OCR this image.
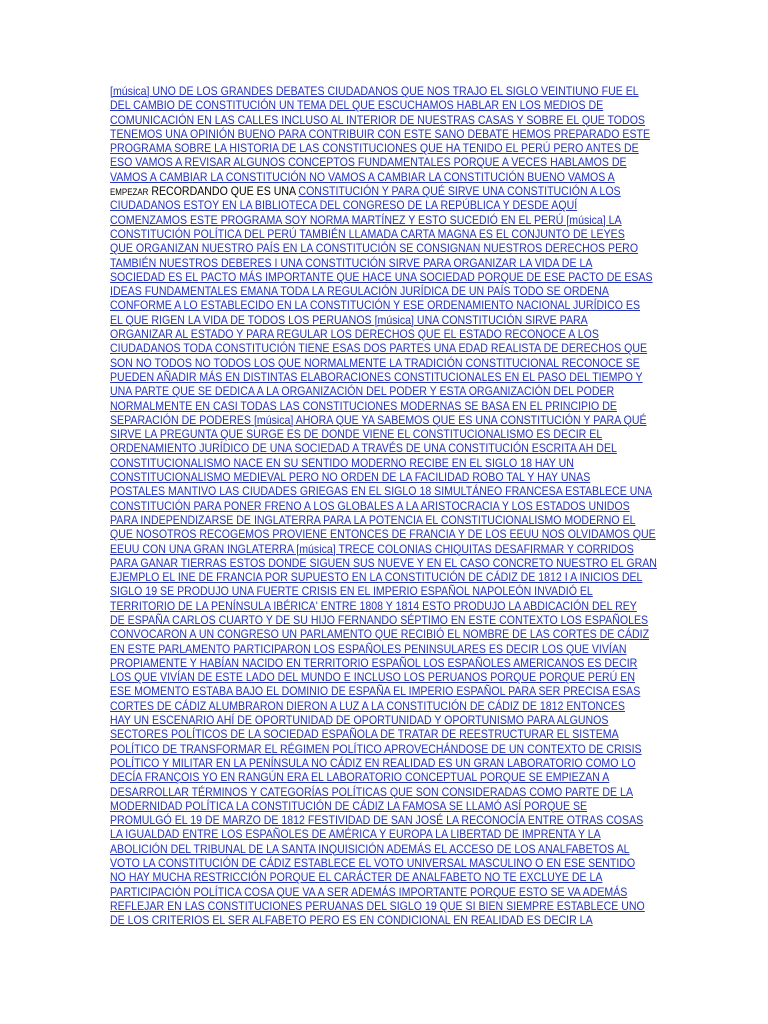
[música] UNO DE LOS GRANDES DEBATES CIUDADANOS QUE NOS TRAJO EL SIGLO VEINTIUNO FUE EL
DEL CAMBIO DE CONSTITUCIÓN UN TEMA DEL QUE ESCUCHAMOS HABLAR EN LOS MEDIOS DE
COMUNICACIÓN EN LAS CALLES INCLUSO AL INTERIOR DE NUESTRAS CASAS Y SOBRE EL QUE TODOS
TENEMOS UNA OPINIÓN BUENO PARA CONTRIBUIR CON ESTE SANO DEBATE HEMOS PREPARADO ESTE
PROGRAMA SOBRE LA HISTORIA DE LAS CONSTITUCIONES QUE HA TENIDO EL PERÚ PERO ANTES DE
ESO VAMOS A REVISAR ALGUNOS CONCEPTOS FUNDAMENTALES PORQUE A VECES HABLAMOS DE
VAMOS A CAMBIAR LA CONSTITUCIÓN NO VAMOS A CAMBIAR LA CONSTITUCIÓN BUENO VAMOS A
EMPEZAR RECORDANDO QUE ES UNA CONSTITUCIÓN Y PARA QUÉ SIRVE UNA CONSTITUCIÓN A LOS
CIUDADANOS ESTOY EN LA BIBLIOTECA DEL CONGRESO DE LA REPÚBLICA Y DESDE AQUÍ
COMENZAMOS ESTE PROGRAMA SOY NORMA MARTÍNEZ Y ESTO SUCEDIÓ EN EL PERÚ [música] LA
CONSTITUCIÓN POLÍTICA DEL PERÚ TAMBIÉN LLAMADA CARTA MAGNA ES EL CONJUNTO DE LEYES
QUE ORGANIZAN NUESTRO PAÍS EN LA CONSTITUCIÓN SE CONSIGNAN NUESTROS DERECHOS PERO
TAMBIÉN NUESTROS DEBERES I UNA CONSTITUCIÓN SIRVE PARA ORGANIZAR LA VIDA DE LA
SOCIEDAD ES EL PACTO MÁS IMPORTANTE QUE HACE UNA SOCIEDAD PORQUE DE ESE PACTO DE ESAS
IDEAS FUNDAMENTALES EMANA TODA LA REGULACIÓN JURÍDICA DE UN PAÍS TODO SE ORDENA
CONFORME A LO ESTABLECIDO EN LA CONSTITUCIÓN Y ESE ORDENAMIENTO NACIONAL JURÍDICO ES
EL QUE RIGEN LA VIDA DE TODOS LOS PERUANOS [música] UNA CONSTITUCIÓN SIRVE PARA
ORGANIZAR AL ESTADO Y PARA REGULAR LOS DERECHOS QUE EL ESTADO RECONOCE A LOS
CIUDADANOS TODA CONSTITUCIÓN TIENE ESAS DOS PARTES UNA EDAD REALISTA DE DERECHOS QUE
SON NO TODOS NO TODOS LOS QUE NORMALMENTE LA TRADICIÓN CONSTITUCIONAL RECONOCE SE
PUEDEN AÑADIR MÁS EN DISTINTAS ELABORACIONES CONSTITUCIONALES EN EL PASO DEL TIEMPO Y
UNA PARTE QUE SE DEDICA A LA ORGANIZACIÓN DEL PODER Y ESTA ORGANIZACIÓN DEL PODER
NORMALMENTE EN CASI TODAS LAS CONSTITUCIONES MODERNAS SE BASA EN EL PRINCIPIO DE
SEPARACIÓN DE PODERES [música] AHORA QUE YA SABEMOS QUE ES UNA CONSTITUCIÓN Y PARA QUÉ
SIRVE LA PREGUNTA QUE SURGE ES DE DONDE VIENE EL CONSTITUCIONALISMO ES DECIR EL
ORDENAMIENTO JURÍDICO DE UNA SOCIEDAD A TRAVÉS DE UNA CONSTITUCIÓN ESCRITA AH DEL
CONSTITUCIONALISMO NACE EN SU SENTIDO MODERNO RECIBE EN EL SIGLO 18 HAY UN
CONSTITUCIONALISMO MEDIEVAL PERO NO ORDEN DE LA FACILIDAD ROBO TAL Y HAY UNAS
POSTALES MANTIVO LAS CIUDADES GRIEGAS EN EL SIGLO 18 SIMULTÁNEO FRANCESA ESTABLECE UNA
CONSTITUCIÓN PARA PONER FRENO A LOS GLOBALES A LA ARISTOCRACIA Y LOS ESTADOS UNIDOS
PARA INDEPENDIZARSE DE INGLATERRA PARA LA POTENCIA EL CONSTITUCIONALISMO MODERNO EL
QUE NOSOTROS RECOGEMOS PROVIENE ENTONCES DE FRANCIA Y DE LOS EEUU NOS OLVIDAMOS QUE
EEUU CON UNA GRAN INGLATERRA [música] TRECE COLONIAS CHIQUITAS DESAFIRMAR Y CORRIDOS
PARA GANAR TIERRAS ESTOS DONDE SIGUEN SUS NUEVE Y EN EL CASO CONCRETO NUESTRO EL GRAN
EJEMPLO EL INE DE FRANCIA POR SUPUESTO EN LA CONSTITUCIÓN DE CÁDIZ DE 1812 I A INICIOS DEL
SIGLO 19 SE PRODUJO UNA FUERTE CRISIS EN EL IMPERIO ESPAÑOL NAPOLEÓN INVADIÓ EL
TERRITORIO DE LA PENÍNSULA IBÉRICA' ENTRE 1808 Y 1814 ESTO PRODUJO LA ABDICACIÓN DEL REY
DE ESPAÑA CARLOS CUARTO Y DE SU HIJO FERNANDO SÉPTIMO EN ESTE CONTEXTO LOS ESPAÑOLES
CONVOCARON A UN CONGRESO UN PARLAMENTO QUE RECIBIÓ EL NOMBRE DE LAS CORTES DE CÁDIZ
EN ESTE PARLAMENTO PARTICIPARON LOS ESPAÑOLES PENINSULARES ES DECIR LOS QUE VIVÍAN
PROPIAMENTE Y HABÍAN NACIDO EN TERRITORIO ESPAÑOL LOS ESPAÑOLES AMERICANOS ES DECIR
LOS QUE VIVÍAN DE ESTE LADO DEL MUNDO E INCLUSO LOS PERUANOS PORQUE PORQUE PERÚ EN
ESE MOMENTO ESTABA BAJO EL DOMINIO DE ESPAÑA EL IMPERIO ESPAÑOL PARA SER PRECISA ESAS
CORTES DE CÁDIZ ALUMBRARON DIERON A LUZ A LA CONSTITUCIÓN DE CÁDIZ DE 1812 ENTONCES
HAY UN ESCENARIO AHÍ DE OPORTUNIDAD DE OPORTUNIDAD Y OPORTUNISMO PARA ALGUNOS
SECTORES POLÍTICOS DE LA SOCIEDAD ESPAÑOLA DE TRATAR DE REESTRUCTURAR EL SISTEMA
POLÍTICO DE TRANSFORMAR EL RÉGIMEN POLÍTICO APROVECHÁNDOSE DE UN CONTEXTO DE CRISIS
POLÍTICO Y MILITAR EN LA PENÍNSULA NO CÁDIZ EN REALIDAD ES UN GRAN LABORATORIO COMO LO
DECÍA FRANÇOIS YO EN RANGÚN ERA EL LABORATORIO CONCEPTUAL PORQUE SE EMPIEZAN A
DESARROLLAR TÉRMINOS Y CATEGORÍAS POLÍTICAS QUE SON CONSIDERADAS COMO PARTE DE LA
MODERNIDAD POLÍTICA LA CONSTITUCIÓN DE CÁDIZ LA FAMOSA SE LLAMÓ ASÍ PORQUE SE
PROMULGÓ EL 19 DE MARZO DE 1812 FESTIVIDAD DE SAN JOSÉ LA RECONOCÍA ENTRE OTRAS COSAS
LA IGUALDAD ENTRE LOS ESPAÑOLES DE AMÉRICA Y EUROPA LA LIBERTAD DE IMPRENTA Y LA
ABOLICIÓN DEL TRIBUNAL DE LA SANTA INQUISICIÓN ADEMÁS EL ACCESO DE LOS ANALFABETOS AL
VOTO LA CONSTITUCIÓN DE CÁDIZ ESTABLECE EL VOTO UNIVERSAL MASCULINO O EN ESE SENTIDO
NO HAY MUCHA RESTRICCIÓN PORQUE EL CARÁCTER DE ANALFABETO NO TE EXCLUYE DE LA
PARTICIPACIÓN POLÍTICA COSA QUE VA A SER ADEMÁS IMPORTANTE PORQUE ESTO SE VA ADEMÁS
REFLEJAR EN LAS CONSTITUCIONES PERUANAS DEL SIGLO 19 QUE SI BIEN SIEMPRE ESTABLECE UNO
DE LOS CRITERIOS EL SER ALFABETO PERO ES EN CONDICIONAL EN REALIDAD ES DECIR LA
